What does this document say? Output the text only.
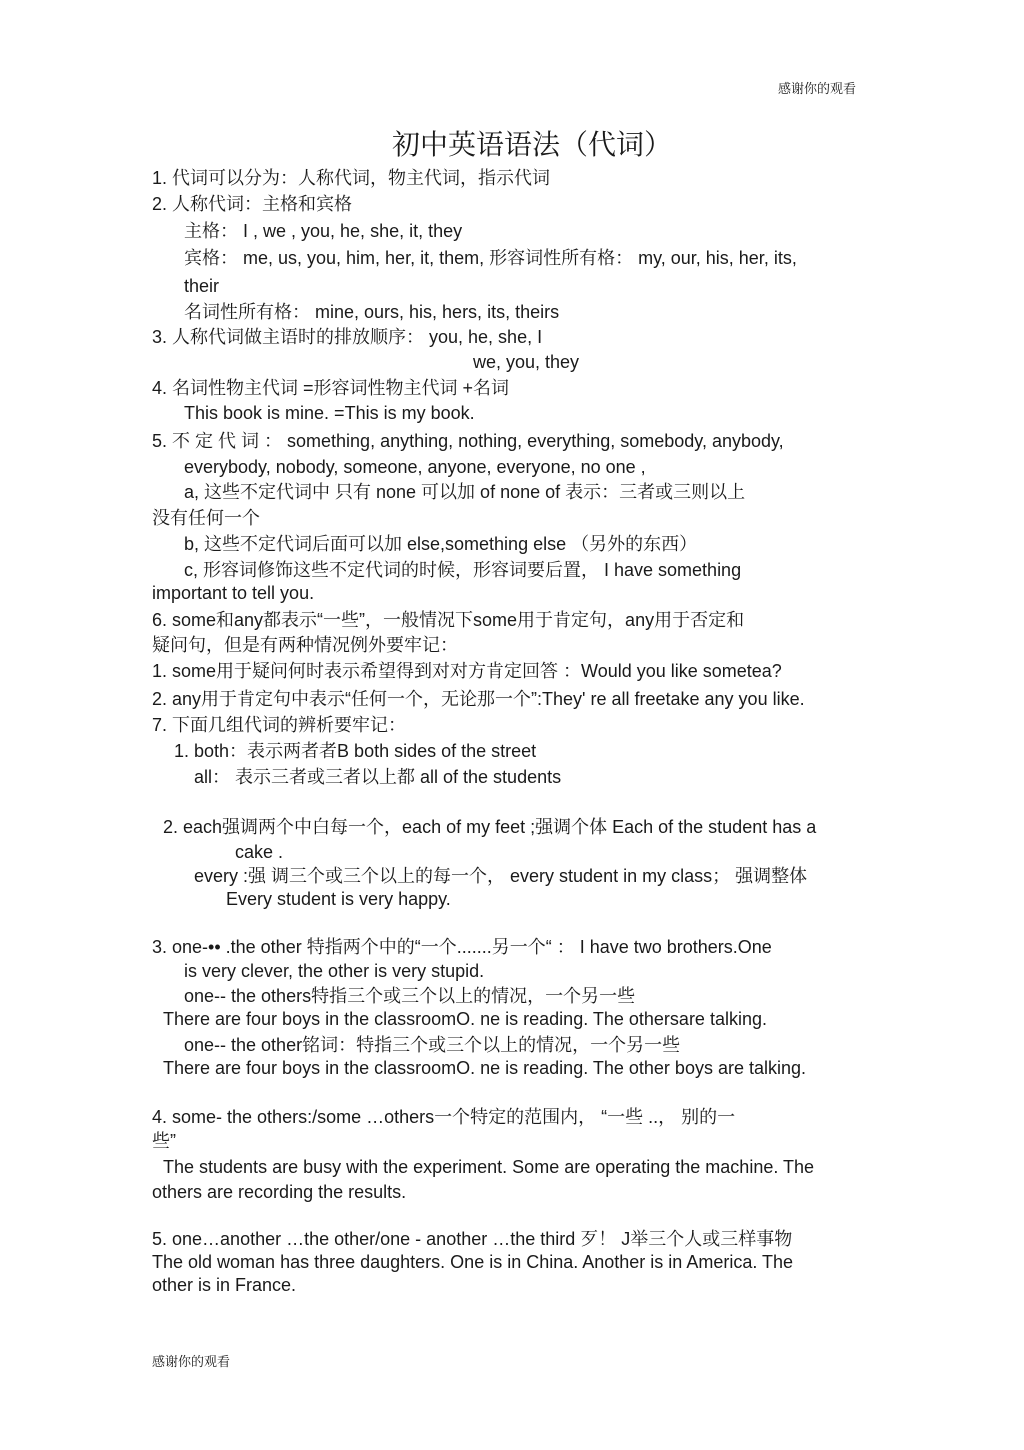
感谢你的观看
初中英语语法（代词）
1. 代词可以分为：人称代词，物主代词，指示代词
2. 人称代词：主格和宾格
主格： I , we , you, he, she, it, they
宾格： me, us, you, him, her, it, them, 形容词性所有格： my, our, his, her, its,
their
名词性所有格： mine, ours, his, hers, its, theirs
3. 人称代词做主语时的排放顺序： you, he, she, I
we, you, they
4. 名词性物主代词 =形容词性物主代词 +名词
This book is mine. =This is my book.
5. 不 定 代 词 ： something, anything, nothing, everything, somebody, anybody,
everybody, nobody, someone, anyone, everyone, no one ,
a, 这些不定代词中 只有 none 可以加 of none of 表示：三者或三则以上
没有任何一个
b, 这些不定代词后面可以加 else,something else （另外的东西）
c, 形容词修饰这些不定代词的时候，形容词要后置， I have something
important to tell you.
6. some和any都表示“一些”，一般情况下some用于肯定句，any用于否定和
疑问句，但是有两种情况例外要牢记：
1. some用于疑问何时表示希望得到对对方肯定回答 ：Would you like sometea?
2. any用于肯定句中表示“任何一个，无论那一个”:They' re all freetake any you like.
7. 下面几组代词的辨析要牢记：
1. both：表示两者者B both sides of the street
all： 表示三者或三者以上都 all of the students
2. each强调两个中白每一个，each of my feet ;强调个体 Each of the student has a
cake .
every :强 调三个或三个以上的每一个， every student in my class； 强调整体
Every student is very happy.
3. one-•• .the other 特指两个中的“一个.......另一个“ ： I have two brothers.One
is very clever, the other is very stupid.
one-- the others特指三个或三个以上的情况，一个另一些
There are four boys in the classroomO. ne is reading. The othersare talking.
one-- the other铭词：特指三个或三个以上的情况，一个另一些
There are four boys in the classroomO. ne is reading. The other boys are talking.
4. some- the others:/some …others一个特定的范围内， “一些 ..， 别的一
些”
The students are busy with the experiment. Some are operating the machine. The
others are recording the results.
5. one…another …the other/one - another …the third 歹！ J举三个人或三样事物
The old woman has three daughters. One is in China. Another is in America. The
other is in France.
感谢你的观看
